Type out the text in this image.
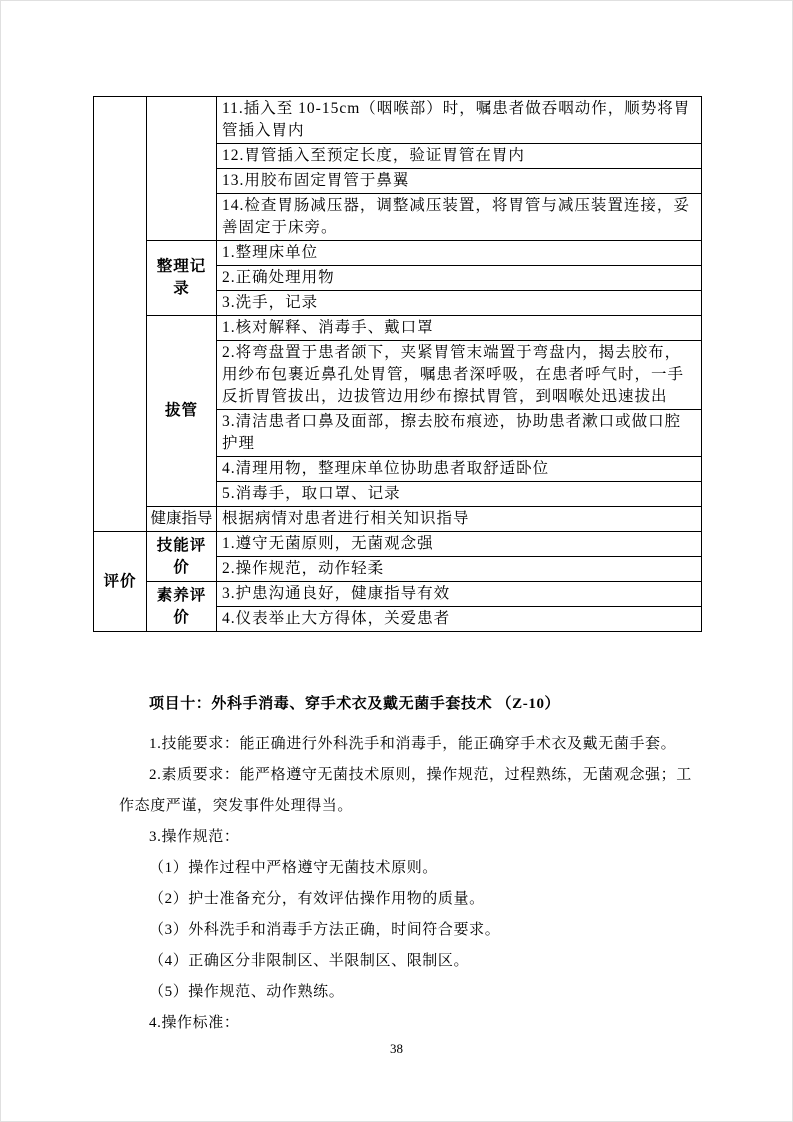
		11.插入至 10-15cm（咽喉部）时，嘱患者做吞咽动作，顺势将胃管插入胃内
		12.胃管插入至预定长度，验证胃管在胃内
		13.用胶布固定胃管于鼻翼
		14.检查胃肠减压器，调整减压装置，将胃管与减压装置连接，妥善固定于床旁。
	整理记录	1.整理床单位
		2.正确处理用物
		3.洗手，记录
	拔管	1.核对解释、消毒手、戴口罩
		2.将弯盘置于患者颌下，夹紧胃管末端置于弯盘内，揭去胶布，用纱布包裹近鼻孔处胃管，嘱患者深呼吸，在患者呼气时，一手反折胃管拔出，边拔管边用纱布擦拭胃管，到咽喉处迅速拔出
		3.清洁患者口鼻及面部，擦去胶布痕迹，协助患者漱口或做口腔护理
		4.清理用物，整理床单位协助患者取舒适卧位
		5.消毒手，取口罩、记录
	健康指导	根据病情对患者进行相关知识指导
评价	技能评价	1.遵守无菌原则，无菌观念强
		2.操作规范，动作轻柔
	素养评价	3.护患沟通良好，健康指导有效
		4.仪表举止大方得体，关爱患者
项目十：外科手消毒、穿手术衣及戴无菌手套技术 （Z-10）

1.技能要求：能正确进行外科洗手和消毒手，能正确穿手术衣及戴无菌手套。

2.素质要求：能严格遵守无菌技术原则，操作规范，过程熟练，无菌观念强；工作态度严谨，突发事件处理得当。

3.操作规范：

（1）操作过程中严格遵守无菌技术原则。

（2）护士准备充分，有效评估操作用物的质量。

（3）外科洗手和消毒手方法正确，时间符合要求。

（4）正确区分非限制区、半限制区、限制区。

（5）操作规范、动作熟练。

4.操作标准：

38
